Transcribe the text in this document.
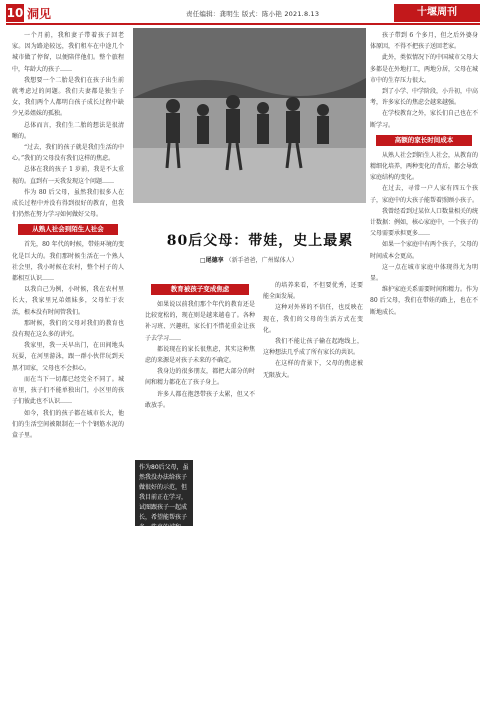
10 洞见	责任编辑：龚明生 版式：陈小艳 2021.8.13	十堰周刊

一个月前，我和妻子带着孩子回老家。因为路途较远，我们租车在中途几个城市做了停留，以便陪伴他们。整个旅程中，年龄大的孩子……

我想要一个二胎是我们在孩子出生前就考虑过的问题。我们夫妻都是独生子女，我们两个人都明白孩子成长过程中缺少兄弟姐妹的孤独。

总体而言，我们生二胎的想法是很清晰的。

“过去，我们的孩子就是我们生活的中心。”我们的父母没有我们这样的焦虑。

总体在我的孩子 1 岁前，我是不太重视的。直到有一天我发现这个问题……

作为 80 后父母，虽然我们很多人在成长过程中并没有得到很好的教育，但我们仍然在努力学习如何做好父母。

从熟人社会到陌生人社会

首先，80 年代的时候，带娃环境的变化是巨大的。我们那时候生活在一个熟人社会里，我小时候在农村，整个村子的人都相互认识……

以我自己为例，小时候，我在农村里长大，我家里兄弟姐妹多，父母忙于农活，根本没有时间管我们。

那时候，我们的父母对我们的教育也没有现在这么多的讲究。

我家里，我一天早出门，在田间地头玩耍，在河里游泳，跟一群小伙伴玩到天黑才回家，父母也不会担心。

而在当下一切都已经完全不同了。城市里，孩子们不能单独出门，小区里的孩子们彼此也不认识……

如今，我们的孩子都在城市长大，他们的生活空间被限制在一个个钢筋水泥的盒子里。

80后父母：带娃，史上最累
□尾德享 （新手爸爸，广州媒体人）
教育被孩子变成焦虑

如果说以前我们那个年代的教育还是比较宽松的，现在则是越来越卷了。各种补习班、兴趣班，家长们不惜花重金让孩子去学习……

都说现在的家长很焦虑，其实这种焦虑的来源是对孩子未来的不确定。

我身边的很多朋友，都把大部分的时间和精力都花在了孩子身上。

许多人都在抱怨带孩子太累，但又不敢放手。

的培养来看，不但要优秀，还要能全面发展。

这种对外界的不信任，也反映在现在，我们的父母的生活方式在变化。

我们不能让孩子输在起跑线上，这种想法几乎成了所有家长的共识。

在这样的背景下，父母的焦虑被无限放大。

作为80后父母，虽然我没办法给孩子做很好的示范，但我目前正在学习，试图跟孩子一起成长，希望能帮孩子多一些真的诚和信。

孩子带到 6 个多月，但之后外婆身体原因，不得不把孩子送回老家。

此外，类似情况下的中国城市父母大多都是在外地打工，两地分居，父母在城市中的生存压力很大。

到了小学、中学阶段，小升初，中高考，许多家长的焦虑会越来越强。

在学校教育之外，家长们自己也在不断学习。

高额的家长时间成本

从熟人社会到陌生人社会，从教育的精细化培养，两种变化的背后，都会导致家庭结构的变化。

在过去，寻常一户人家有四五个孩子，家庭中的大孩子能帮着照顾小孩子。

我曾经看到过某位人口数量相关的统计数据：例如，核心家庭中，一个孩子的父母需要承担更多……

如果一个家庭中有两个孩子，父母的时间成本会更高。

这一点在城市家庭中体现得尤为明显。

维护家庭关系需要时间和精力。作为 80 后父母，我们在带娃的路上，也在不断地成长。
